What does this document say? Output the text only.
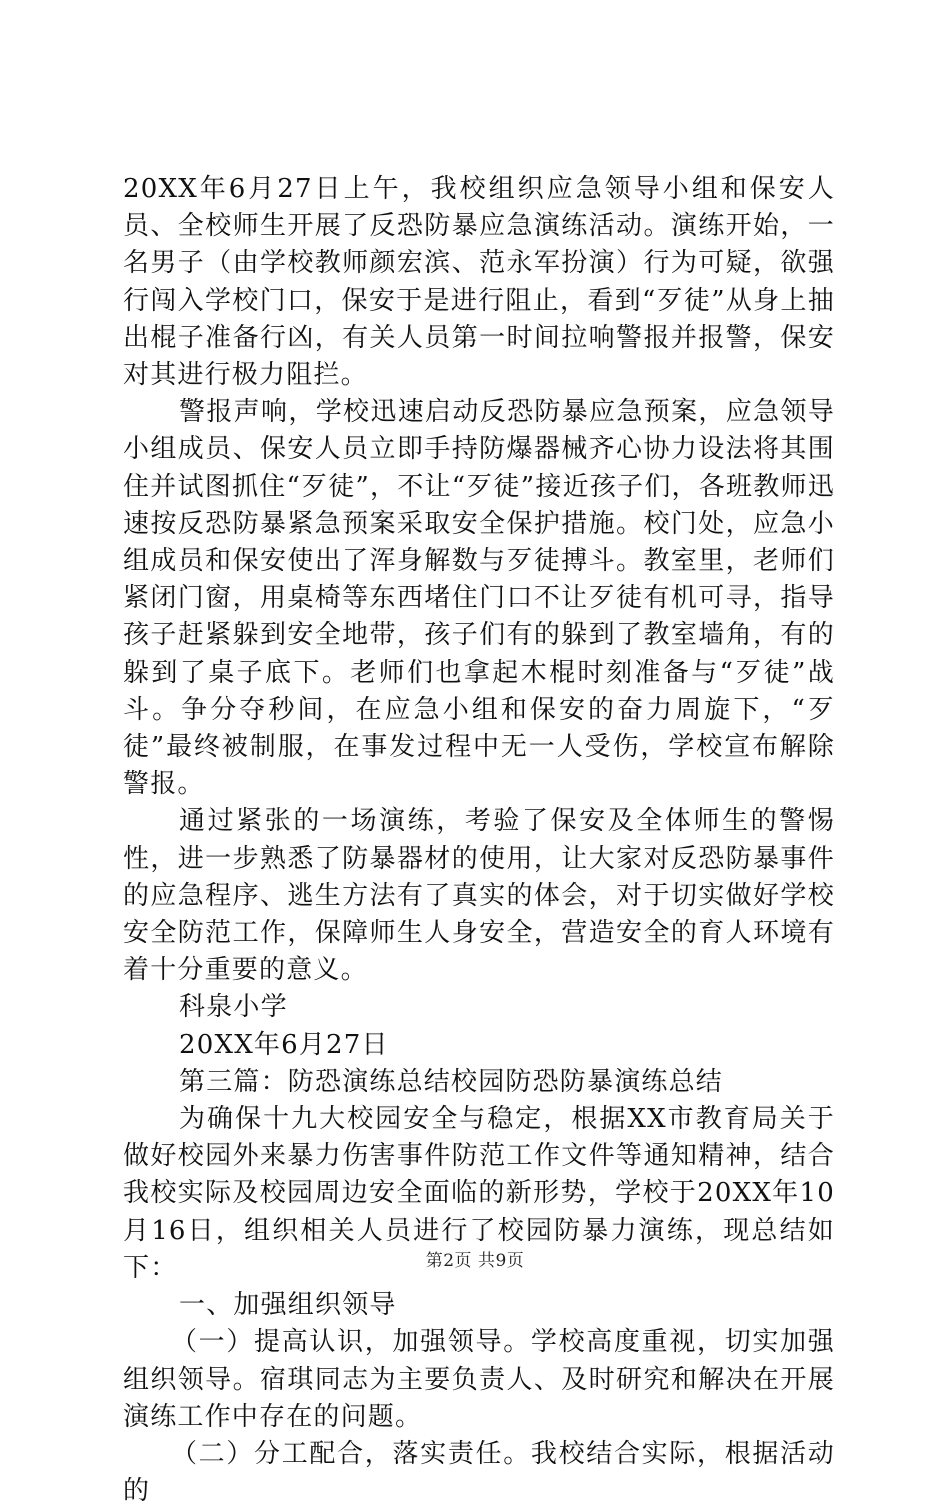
20XX年6月27日上午，我校组织应急领导小组和保安人员、全校师生开展了反恐防暴应急演练活动。演练开始，一名男子（由学校教师颜宏滨、范永军扮演）行为可疑，欲强行闯入学校门口，保安于是进行阻止，看到“歹徒”从身上抽出棍子准备行凶，有关人员第一时间拉响警报并报警，保安对其进行极力阻拦。

警报声响，学校迅速启动反恐防暴应急预案，应急领导小组成员、保安人员立即手持防爆器械齐心协力设法将其围住并试图抓住“歹徒”，不让“歹徒”接近孩子们，各班教师迅速按反恐防暴紧急预案采取安全保护措施。校门处，应急小组成员和保安使出了浑身解数与歹徒搏斗。教室里，老师们紧闭门窗，用桌椅等东西堵住门口不让歹徒有机可寻，指导孩子赶紧躲到安全地带，孩子们有的躲到了教室墙角，有的躲到了桌子底下。老师们也拿起木棍时刻准备与“歹徒”战斗。争分夺秒间，在应急小组和保安的奋力周旋下，“歹徒”最终被制服，在事发过程中无一人受伤，学校宣布解除警报。

通过紧张的一场演练，考验了保安及全体师生的警惕性，进一步熟悉了防暴器材的使用，让大家对反恐防暴事件的应急程序、逃生方法有了真实的体会，对于切实做好学校安全防范工作，保障师生人身安全，营造安全的育人环境有着十分重要的意义。

科泉小学

20XX年6月27日

第三篇：防恐演练总结校园防恐防暴演练总结

为确保十九大校园安全与稳定，根据XX市教育局关于做好校园外来暴力伤害事件防范工作文件等通知精神，结合我校实际及校园周边安全面临的新形势，学校于20XX年10月16日，组织相关人员进行了校园防暴力演练，现总结如下：

一、加强组织领导

（一）提高认识，加强领导。学校高度重视，切实加强组织领导。宿琪同志为主要负责人、及时研究和解决在开展演练工作中存在的问题。

（二）分工配合，落实责任。我校结合实际，根据活动的

第2页 共9页
